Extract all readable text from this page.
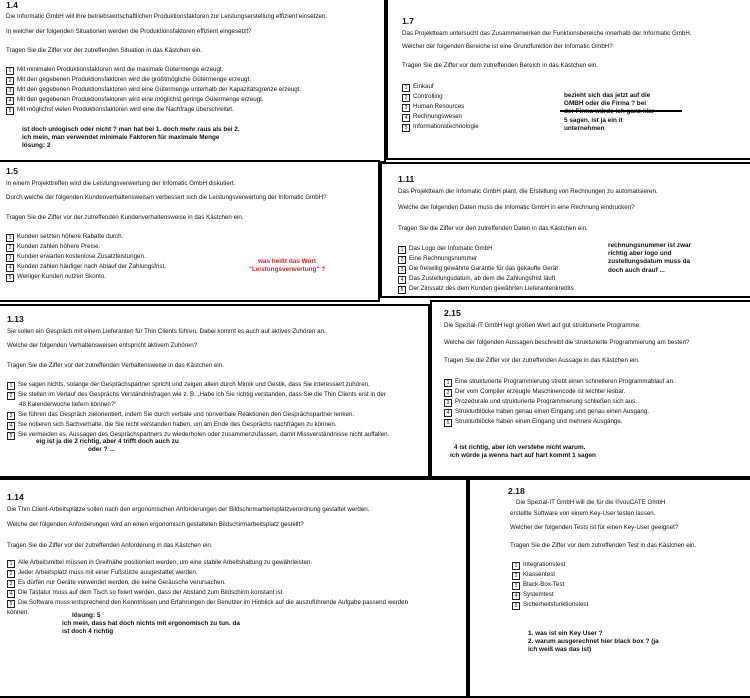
1.4
Die Informatic GmbH will ihre betriebswirtschaftlichen Produktionsfaktoren zur Leistungserstellung effizient einsetzen.
In welcher der folgenden Situationen werden die Produktionsfaktoren effizient eingesetzt?
Tragen Sie die Ziffer vor der zutreffenden Situation in das Kästchen ein.
1 Mit minimalen Produktionsfaktoren wird die maximale Gütermenge erzeugt.
2 Mit den gegebenen Produktionsfaktoren wird die größtmögliche Gütermenge erzeugt.
3 Mit den gegebenen Produktionsfaktoren wird eine Gütermenge unterhalb der Kapazitätsgrenze erzeugt.
4 Mit den gegebenen Produktionsfaktoren wird eine möglichst geringe Gütermenge erzeugt.
5 Mit möglichst vielen Produktionsfaktoren wird eine die Nachfrage überschreitet.
ist doch unlogisch oder nicht ? man hat bei 1. doch mehr raus als bei 2.
ich mein, man verwendet minimale Faktoren für maximale Menge
lösung: 2
1.7
Das Projektteam untersucht das Zusammenwirken der Funktionsbereiche innerhalb der Informatic GmbH.
Welcher der folgenden Bereiche ist eine Grundfunktion der Infomatic GmbH?
Tragen Sie die Ziffer vor dem zutreffenden Bereich in das Kästchen ein.
1 Einkauf
2 Controlling
3 Human Resources
4 Rechnungswesen
5 Informationstechnologie
bezieht sich das jetzt auf die
GMBH oder die Firma ? bei
5 sagen. ist ja ein it
unternehmen
1.5
In einem Projekttreffen wird die Leistungsverwertung der Infomatic GmbH diskutiert.
Durch welche der folgenden Kundenverhaltensweisen verbessert sich die Leistungsverwertung der Infomatic GmbH?
Tragen Sie die Ziffer vor der zutreffenden Kundenverhaltensweise in das Kästchen ein.
1 Kunden setzten höhere Rabatte durch.
2 Kunden zahlen höhere Preise.
3 Kunden erwarten kostenlose Zusatzleistungen.
4 Kunden zahlen häufiger nach Ablauf der Zahlungsfrist.
5 Weniger Kunden nutzen Skonto.
was heißt das Wort
"Leistungsverwertung" ?
1.11
Das Projektteam der Infomatic GmbH plant, die Erstellung von Rechnungen zu automatisieren.
Welche der folgenden Daten muss die Infomatic GmbH in eine Rechnung eindrucken?
Tragen Sie die Ziffer vor den zutreffenden Daten in das Kästchen ein.
1 Das Logo der Infomatic GmbH
2 Eine Rechnungsnummer
3 Die freiwillig gewährte Garantie für das gekaufte Gerät
4 Das Zustellungsdatum, ab dem die Zahlungsfrist läuft
5 Der Zinssatz des dem Kunden gewährten Lieferantenkredits
rechnungsnummer ist zwar
richtig aber logo und
zustellungsdatum muss da
doch auch drauf ...
1.13
Sie sollen ein Gespräch mit einem Lieferanten für Thin Clients führen. Dabei kommt es auch auf aktives Zuhören an.
Welche der folgenden Verhaltensweisen entspricht aktivem Zuhören?
Tragen Sie die Ziffer vor der zutreffenden Verhaltensweise in das Kästchen ein.
1 Sie sagen nichts, solange der Gesprächspartner spricht und zeigen allein durch Mimik und Gestik, dass Sie interessiert zuhören.
2 Sie stellen im Verlauf des Gesprächs Verständnisfragen wie z. B. „Habe ich Sie richtig verstanden, dass Sie die Thin Clients erst in der
48 Kalenderwoche liefern können?“
3 Sie führen das Gespräch zielorientiert, indem Sie durch verbale und nonverbale Reaktionen den Gesprächspartner lenken.
4 Sie notieren sich Sachverhalte, die Sie nicht verstanden haben, um am Ende des Gesprächs nachfragen zu können.
5 Sie vermeiden es, Aussagen des Gesprächspartners zu wiederholen oder zusammenzufassen, damit Missverständnisse nicht auffallen.
eig ist ja die 2 richtig, aber 4 trifft doch auch zu
oder ? ...
2.15
Die Spezial-IT GmbH legt großen Wert auf gut strukturierte Programme.
Welche der folgenden Aussagen beschreibt die strukturierte Programmierung am besten?
Tragen Sie die Ziffer vor der zutreffenden Aussage in das Kästchen ein.
1 Eine strukturierte Programmierung strebt einen schnelleren Programmablauf an.
2 Der vom Compiler erzeugte Maschinencode ist leichter lesbar.
3 Prozedurale und strukturierte Programmierung schließen sich aus.
4 Strukturblöcke haben genau einen Eingang und genau einen Ausgang.
5 Strukturblöcke haben einen Eingang und mehrere Ausgänge.
4 ist richtig, aber ich verstehe nicht warum.
ich würde ja wenns hart auf hart kommt 1 sagen
1.14
Die Thin Client-Arbeitsplätze sollen nach den ergonomischen Anforderungen der Bildschirmarbeitsplatzverordnung gestaltet werden.
Welche der folgenden Anforderungen wird an einen ergonomisch gestalteten Bildschirmarbeitsplatz gestellt?
Tragen Sie die Ziffer vor der zutreffenden Anforderung in das Kästchen ein.
1 Alle Arbeitsmittel müssen in Greifnähe positioniert werden, um eine stabile Arbeitshaltung zu gewährleisten.
2 Jeder Arbeitsplatz muss mit einer Fußstütze ausgestattet werden.
3 Es dürfen nur Geräte verwendet werden, die keine Geräusche verursachen.
4 Die Tastatur muss auf dem Tisch so fixiert werden, dass der Abstand zum Bildschirm konstant ist.
5 Die Software muss entsprechend den Kenntnissen und Erfahrungen der Benutzer im Hinblick auf die auszuführende Aufgabe passend werden
können.	lösung: 5
ich mein, dass hat doch nichts mit ergonomisch zu tun. da
ist doch 4 richtig
2.18
Die Spezial-IT GmbH will die für die ®vouCATE GmbH
erstellte Software von einem Key-User testen lassen.
Welcher der folgenden Tests ist für einen Key-User geeignet?
Tragen Sie die Ziffer vor dem zutreffenden Test in das Kästchen ein.
1 Integrationstest
2 Klassentest
3 Black-Box-Test
4 Systemtest
5 Sicherheitsfunktionstest
1. was ist ein Key User ?
2. warum ausgerechnet hier black box ? (ja
ich weiß was das ist)
